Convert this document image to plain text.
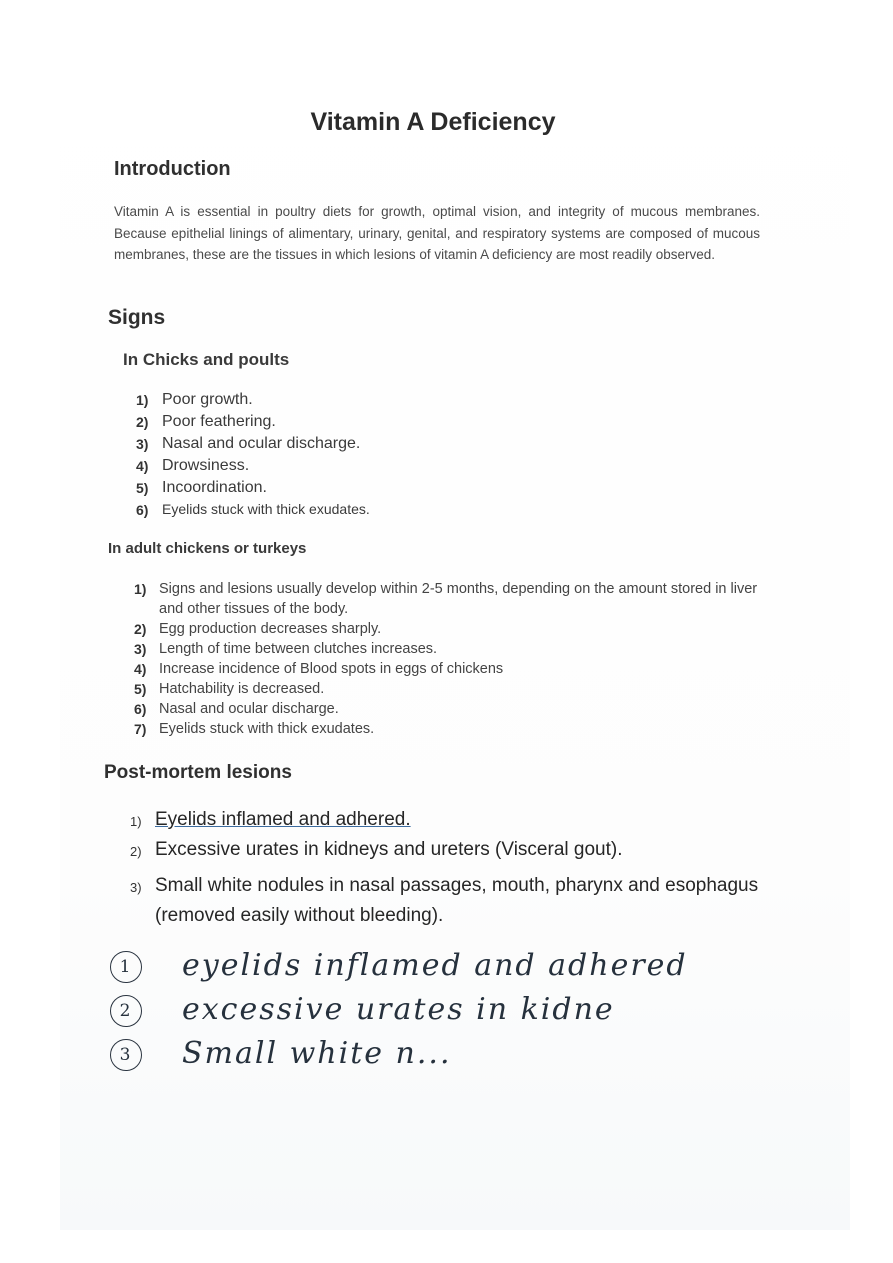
Vitamin A Deficiency
Introduction

Vitamin A is essential in poultry diets for growth, optimal vision, and integrity of mucous membranes. Because epithelial linings of alimentary, urinary, genital, and respiratory systems are composed of mucous membranes, these are the tissues in which lesions of vitamin A deficiency are most readily observed.

Signs
In Chicks and poults
1) Poor growth.
2) Poor feathering.
3) Nasal and ocular discharge.
4) Drowsiness.
5) Incoordination.
6) Eyelids stuck with thick exudates.
In adult chickens or turkeys
1) Signs and lesions usually develop within 2-5 months, depending on the amount stored in liver and other tissues of the body.
2) Egg production decreases sharply.
3) Length of time between clutches increases.
4) Increase incidence of Blood spots in eggs of chickens
5) Hatchability is decreased.
6) Nasal and ocular discharge.
7) Eyelids stuck with thick exudates.
Post-mortem lesions
1) Eyelids inflamed and adhered.
2) Excessive urates in kidneys and ureters (Visceral gout).
3) Small white nodules in nasal passages, mouth, pharynx and esophagus (removed easily without bleeding).
1 eyelids inflamed and adhered
2 excessive urates in kidne
3 Small white n...
